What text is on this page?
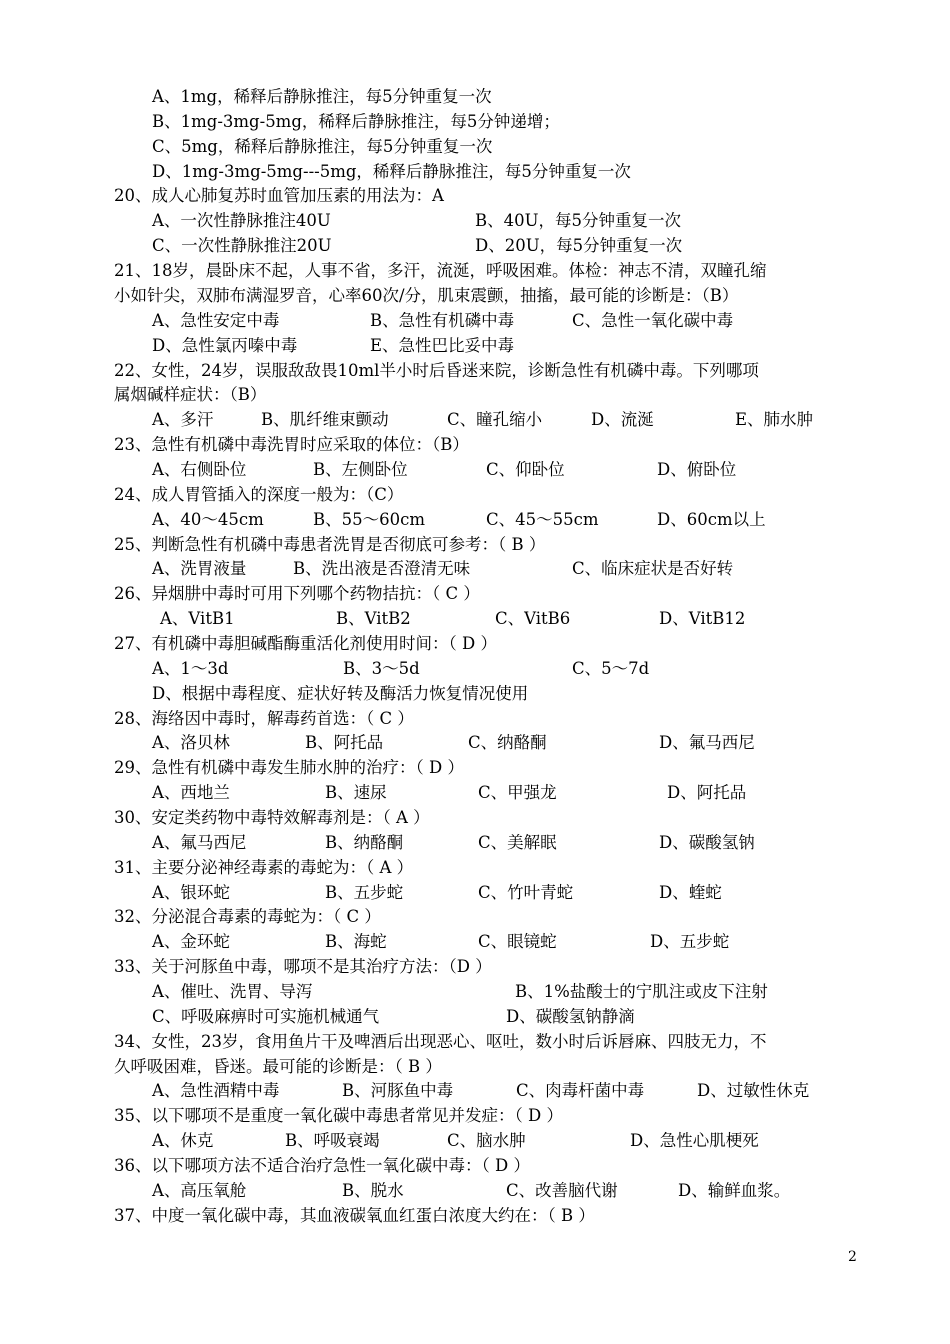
A、1mg，稀释后静脉推注，每5分钟重复一次
B、1mg-3mg-5mg，稀释后静脉推注，每5分钟递增；
C、5mg，稀释后静脉推注，每5分钟重复一次
D、1mg-3mg-5mg---5mg，稀释后静脉推注，每5分钟重复一次
20、成人心肺复苏时血管加压素的用法为：A
A、一次性静脉推注40U	B、40U，每5分钟重复一次
C、一次性静脉推注20U	D、20U，每5分钟重复一次
21、18岁，晨卧床不起，人事不省，多汗，流涎，呼吸困难。体检：神志不清，双瞳孔缩
小如针尖，双肺布满湿罗音，心率60次/分，肌束震颤，抽搐，最可能的诊断是：（B）
A、急性安定中毒	B、急性有机磷中毒	C、急性一氧化碳中毒
D、急性氯丙嗪中毒	E、急性巴比妥中毒
22、女性，24岁，误服敌敌畏10ml半小时后昏迷来院，诊断急性有机磷中毒。下列哪项
属烟碱样症状：（B）
A、多汗	B、肌纤维束颤动	C、瞳孔缩小	D、流涎	E、肺水肿
23、急性有机磷中毒洗胃时应采取的体位：（B）
A、右侧卧位	B、左侧卧位	C、仰卧位	D、俯卧位
24、成人胃管插入的深度一般为：（C）
A、40～45cm	B、55～60cm	C、45～55cm	D、60cm以上
25、判断急性有机磷中毒患者洗胃是否彻底可参考：（ B ）
A、洗胃液量	B、洗出液是否澄清无味	C、临床症状是否好转
26、异烟肼中毒时可用下列哪个药物拮抗：（ C ）
A、VitB1	B、VitB2	C、VitB6	D、VitB12
27、有机磷中毒胆碱酯酶重活化剂使用时间：（ D ）
A、1～3d	B、3～5d	C、5～7d
D、根据中毒程度、症状好转及酶活力恢复情况使用
28、海络因中毒时，解毒药首选：（ C ）
A、洛贝林	B、阿托品	C、纳酪酮	D、氟马西尼
29、急性有机磷中毒发生肺水肿的治疗：（ D ）
A、西地兰	B、速尿	C、甲强龙	D、阿托品
30、安定类药物中毒特效解毒剂是：（ A ）
A、氟马西尼	B、纳酪酮	C、美解眠	D、碳酸氢钠
31、主要分泌神经毒素的毒蛇为：（ A ）
A、银环蛇	B、五步蛇	C、竹叶青蛇	D、蝰蛇
32、分泌混合毒素的毒蛇为：（ C ）
A、金环蛇	B、海蛇	C、眼镜蛇	D、五步蛇
33、关于河豚鱼中毒，哪项不是其治疗方法：（D ）
A、催吐、洗胃、导泻	B、1%盐酸士的宁肌注或皮下注射
C、呼吸麻痹时可实施机械通气	D、碳酸氢钠静滴
34、女性，23岁，食用鱼片干及啤酒后出现恶心、呕吐，数小时后诉唇麻、四肢无力，不
久呼吸困难，昏迷。最可能的诊断是：（ B ）
A、急性酒精中毒	B、河豚鱼中毒	C、肉毒杆菌中毒	D、过敏性休克
35、以下哪项不是重度一氧化碳中毒患者常见并发症：（ D ）
A、休克	B、呼吸衰竭	C、脑水肿	D、急性心肌梗死
36、以下哪项方法不适合治疗急性一氧化碳中毒：（ D ）
A、高压氧舱	B、脱水	C、改善脑代谢	D、输鲜血浆。
37、中度一氧化碳中毒，其血液碳氧血红蛋白浓度大约在：（ B ）
2
